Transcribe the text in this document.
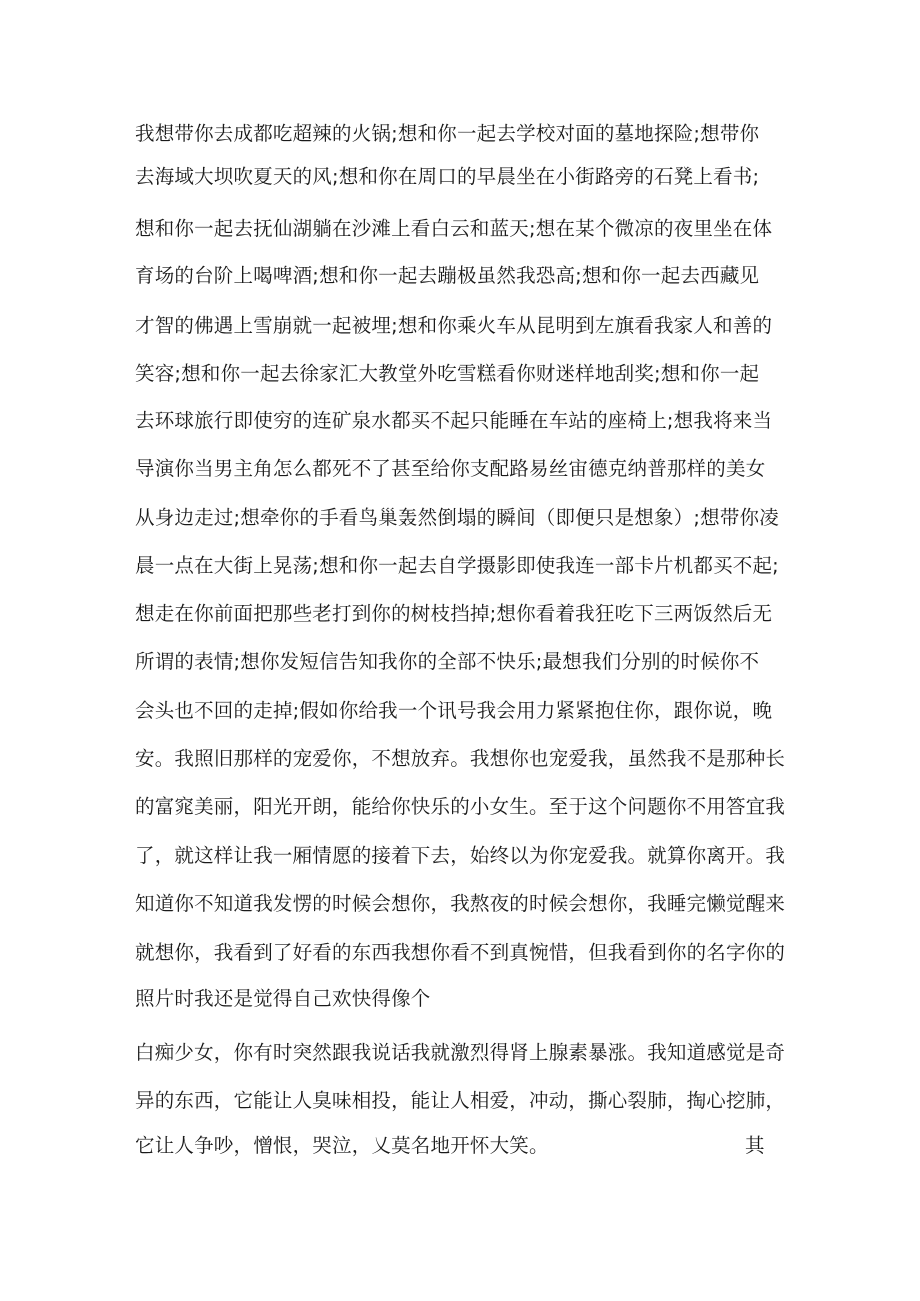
我想带你去成都吃超辣的火锅;想和你一起去学校对面的墓地探险;想带你
去海域大坝吹夏天的风;想和你在周口的早晨坐在小街路旁的石凳上看书;
想和你一起去抚仙湖躺在沙滩上看白云和蓝天;想在某个微凉的夜里坐在体
育场的台阶上喝啤酒;想和你一起去蹦极虽然我恐高;想和你一起去西藏见
才智的佛遇上雪崩就一起被埋;想和你乘火车从昆明到左旗看我家人和善的
笑容;想和你一起去徐家汇大教堂外吃雪糕看你财迷样地刮奖;想和你一起
去环球旅行即使穷的连矿泉水都买不起只能睡在车站的座椅上;想我将来当
导演你当男主角怎么都死不了甚至给你支配路易丝宙德克纳普那样的美女
从身边走过;想牵你的手看鸟巢轰然倒塌的瞬间（即便只是想象）;想带你凌
晨一点在大街上晃荡;想和你一起去自学摄影即使我连一部卡片机都买不起;
想走在你前面把那些老打到你的树枝挡掉;想你看着我狂吃下三两饭然后无
所谓的表情;想你发短信告知我你的全部不快乐;最想我们分别的时候你不
会头也不回的走掉;假如你给我一个讯号我会用力紧紧抱住你，跟你说，晚
安。我照旧那样的宠爱你，不想放弃。我想你也宠爱我，虽然我不是那种长
的富窕美丽，阳光开朗，能给你快乐的小女生。至于这个问题你不用答宜我
了，就这样让我一厢情愿的接着下去，始终以为你宠爱我。就算你离开。我
知道你不知道我发愣的时候会想你，我熬夜的时候会想你，我睡完懒觉醒来
就想你，我看到了好看的东西我想你看不到真惋惜，但我看到你的名字你的
照片时我还是觉得自己欢快得像个
白痴少女，你有时突然跟我说话我就激烈得肾上腺素暴涨。我知道感觉是奇
异的东西，它能让人臭味相投，能让人相爱，冲动，撕心裂肺，掏心挖肺，
它让人争吵，憎恨，哭泣，乂莫名地开怀大笑。	其
